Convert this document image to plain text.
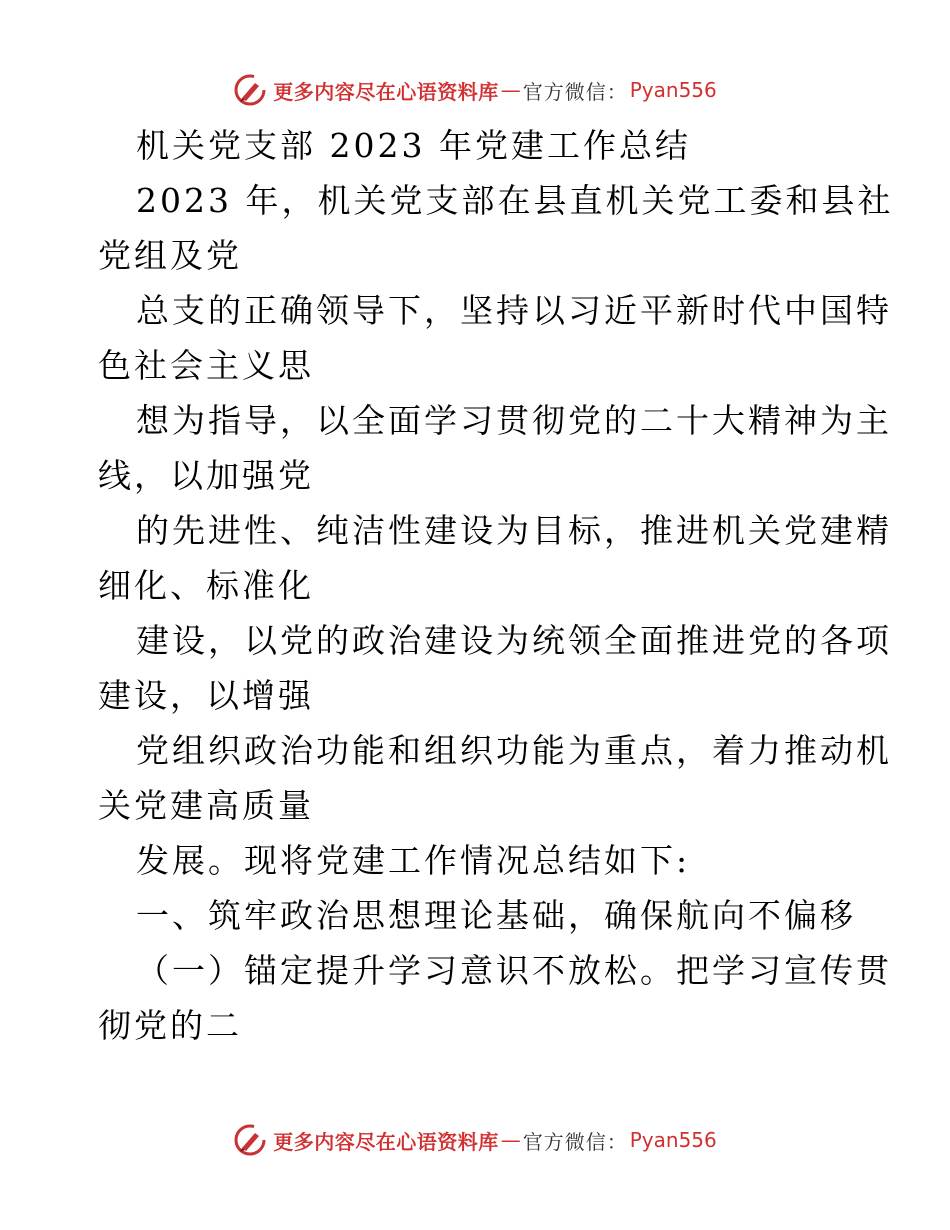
更多内容尽在心语资料库 — 官方微信： Pyan556
机关党支部 2023 年党建工作总结
2023 年，机关党支部在县直机关党工委和县社
党组及党
总支的正确领导下，坚持以习近平新时代中国特
色社会主义思
想为指导，以全面学习贯彻党的二十大精神为主
线，以加强党
的先进性、纯洁性建设为目标，推进机关党建精
细化、标准化
建设，以党的政治建设为统领全面推进党的各项
建设，以增强
党组织政治功能和组织功能为重点，着力推动机
关党建高质量
发展。现将党建工作情况总结如下:
一、筑牢政治思想理论基础，确保航向不偏移
（一）锚定提升学习意识不放松。把学习宣传贯
彻党的二
更多内容尽在心语资料库 — 官方微信： Pyan556
